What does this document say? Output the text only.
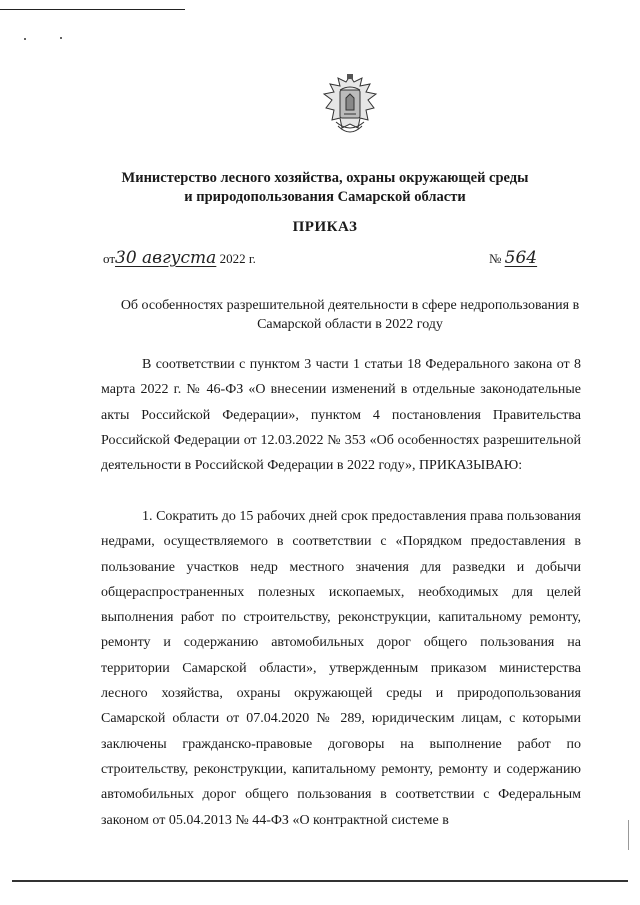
Министерство лесного хозяйства, охраны окружающей среды
и природопользования Самарской области
ПРИКАЗ
от30 августа 2022 г.	№ 564
Об особенностях разрешительной деятельности в сфере недропользования в
Самарской области в 2022 году

В соответствии с пунктом 3 части 1 статьи 18 Федерального закона от 8 марта 2022 г. № 46-ФЗ «О внесении изменений в отдельные законодательные акты Российской Федерации», пунктом 4 постановления Правительства Российской Федерации от 12.03.2022 № 353 «Об особенностях разрешительной деятельности в Российской Федерации в 2022 году», ПРИКАЗЫВАЮ:

1. Сократить до 15 рабочих дней срок предоставления права пользования недрами, осуществляемого в соответствии с «Порядком предоставления в пользование участков недр местного значения для разведки и добычи общераспространенных полезных ископаемых, необходимых для целей выполнения работ по строительству, реконструкции, капитальному ремонту, ремонту и содержанию автомобильных дорог общего пользования на территории Самарской области», утвержденным приказом министерства лесного хозяйства, охраны окружающей среды и природопользования Самарской области от 07.04.2020 № 289, юридическим лицам, с которыми заключены гражданско-правовые договоры на выполнение работ по строительству, реконструкции, капитальному ремонту, ремонту и содержанию автомобильных дорог общего пользования в соответствии с Федеральным законом от 05.04.2013 № 44-ФЗ «О контрактной системе в
